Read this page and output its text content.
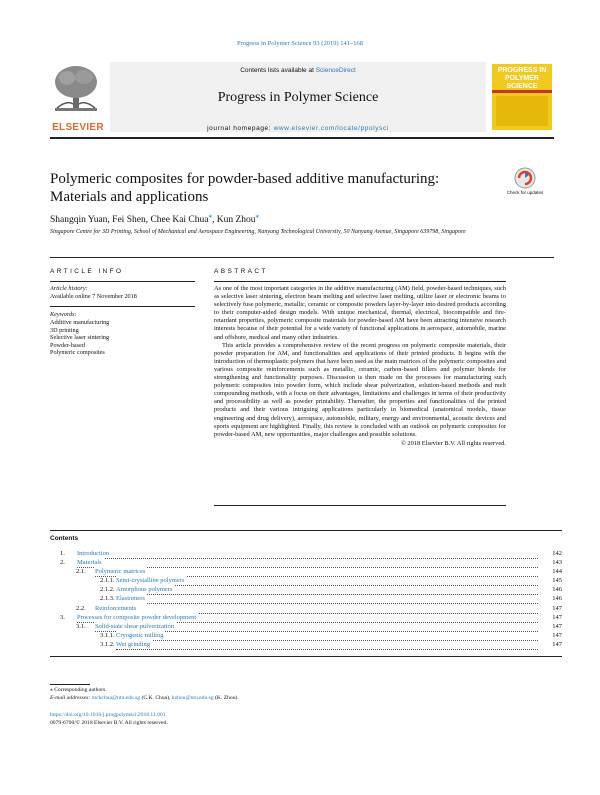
Progress in Polymer Science 93 (2019) 141–168
ELSEVIER
Contents lists available at ScienceDirect
Progress in Polymer Science
journal homepage: www.elsevier.com/locate/ppolysci
PROGRESS IN POLYMER SCIENCE
Polymeric composites for powder-based additive manufacturing: Materials and applications	Check for updates
Shangqin Yuan, Fei Shen, Chee Kai Chua⁎, Kun Zhou⁎
Singapore Centre for 3D Printing, School of Mechanical and Aerospace Engineering, Nanyang Technological University, 50 Nanyang Avenue, Singapore 639798, Singapore
ARTICLE INFO
Article history:
Available online 7 November 2018
Keywords:
Additive manufacturing
3D printing
Selective laser sintering
Powder-based
Polymeric composites
ABSTRACT

As one of the most important categories in the additive manufacturing (AM) field, powder-based techniques, such as selective laser sintering, electron beam melting and selective laser melting, utilize laser or electronic beams to selectively fuse polymeric, metallic, ceramic or composite powders layer-by-layer into desired products according to their computer-aided design models. With unique mechanical, thermal, electrical, biocompatible and fire-retardant properties, polymeric composite materials for powder-based AM have been attracting intensive research interests because of their potential for a wide variety of functional applications in aerospace, automobile, marine and offshore, medical and many other industries.

This article provides a comprehensive review of the recent progress on polymeric composite materials, their powder preparation for AM, and functionalities and applications of their printed products. It begins with the introduction of thermoplastic polymers that have been used as the main matrices of the polymeric composites and various composite reinforcements such as metallic, ceramic, carbon-based fillers and polymer blends for strengthening and functionality purposes. Discussion is then made on the processes for manufacturing such polymeric composites into powder form, which include shear pulverization, solution-based methods and melt compounding methods, with a focus on their advantages, limitations and challenges in terms of their productivity and processibility as well as powder printability. Thereafter, the properties and functionalities of the printed products and their various intriguing applications particularly in biomedical (anatomical models, tissue engineering and drug delivery), aerospace, automobile, military, energy and environmental, acoustic devices and sports equipment are highlighted. Finally, this review is concluded with an outlook on polymeric composites for powder-based AM, new opportunities, major challenges and possible solutions.

© 2018 Elsevier B.V. All rights reserved.
Contents
1. Introduction	142
2. Materials	143
2.1. Polymeric matrices	144
2.1.1. Semi-crystalline polymers	145
2.1.2. Amorphous polymers	146
2.1.3. Elastomers	146
2.2. Reinforcements	147
3. Processes for composite powder development	147
3.1. Solid-state shear pulverization	147
3.1.1. Cryogenic milling	147
3.1.2. Wet grinding	147
⁎ Corresponding authors.
E-mail addresses: mckchua@ntu.edu.sg (C.K. Chua), kzhou@ntu.edu.sg (K. Zhou).
https://doi.org/10.1016/j.progpolymsci.2018.11.001
0079-6700/© 2018 Elsevier B.V. All rights reserved.
